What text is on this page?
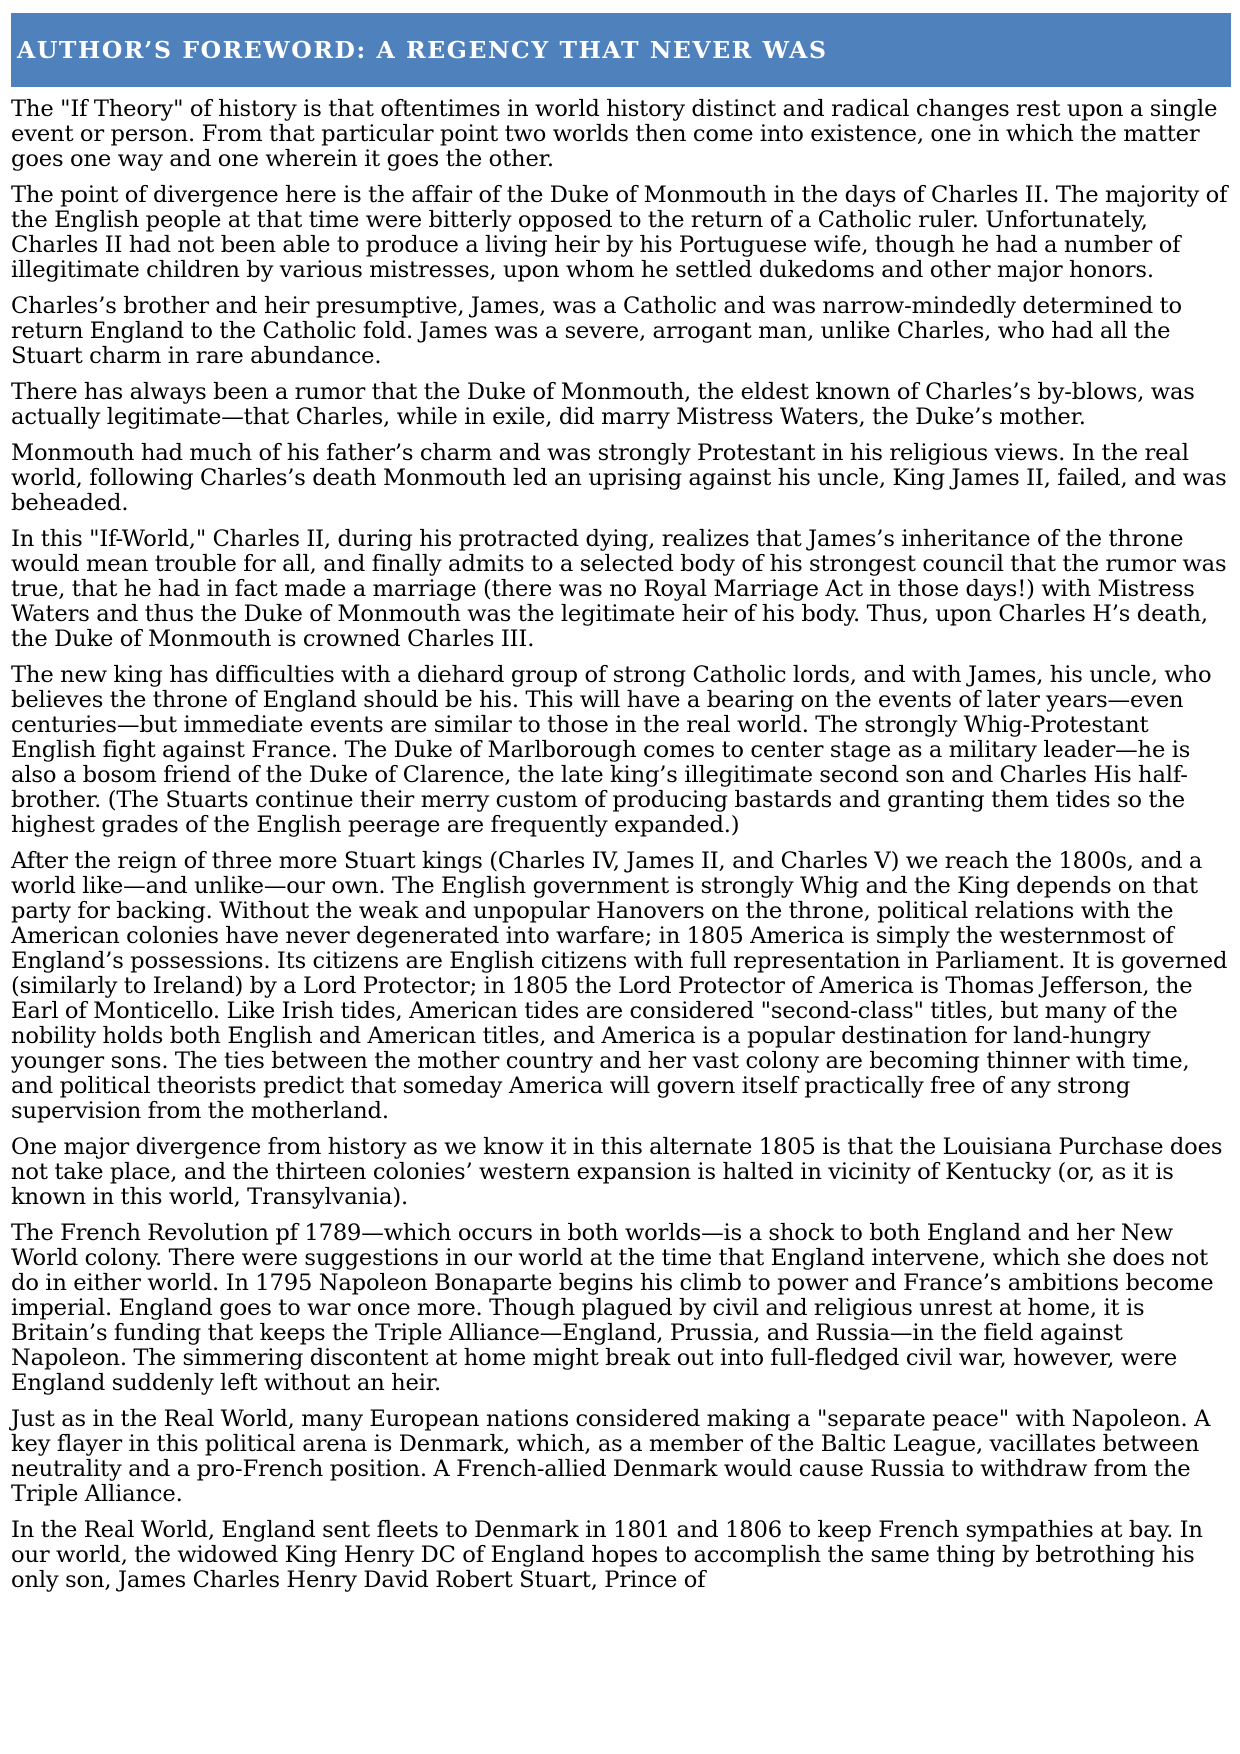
AUTHOR’S FOREWORD: A REGENCY THAT NEVER WAS

The "If Theory" of history is that oftentimes in world history distinct and radical changes rest upon a single event or person. From that particular point two worlds then come into existence, one in which the matter goes one way and one wherein it goes the other.

The point of divergence here is the affair of the Duke of Monmouth in the days of Charles II. The majority of the English people at that time were bitterly opposed to the return of a Catholic ruler. Unfortunately, Charles II had not been able to produce a living heir by his Portuguese wife, though he had a number of illegitimate children by various mistresses, upon whom he settled dukedoms and other major honors.

Charles’s brother and heir presumptive, James, was a Catholic and was narrow-mindedly determined to return England to the Catholic fold. James was a severe, arrogant man, unlike Charles, who had all the Stuart charm in rare abundance.

There has always been a rumor that the Duke of Monmouth, the eldest known of Charles’s by-blows, was actually legitimate—that Charles, while in exile, did marry Mistress Waters, the Duke’s mother.

Monmouth had much of his father’s charm and was strongly Protestant in his religious views. In the real world, following Charles’s death Monmouth led an uprising against his uncle, King James II, failed, and was beheaded.

In this "If-World," Charles II, during his protracted dying, realizes that James’s inheritance of the throne would mean trouble for all, and finally admits to a selected body of his strongest council that the rumor was true, that he had in fact made a marriage (there was no Royal Marriage Act in those days!) with Mistress Waters and thus the Duke of Monmouth was the legitimate heir of his body. Thus, upon Charles H’s death, the Duke of Monmouth is crowned Charles III.

The new king has difficulties with a diehard group of strong Catholic lords, and with James, his uncle, who believes the throne of England should be his. This will have a bearing on the events of later years—even centuries—but immediate events are similar to those in the real world. The strongly Whig-Protestant English fight against France. The Duke of Marlborough comes to center stage as a military leader—he is also a bosom friend of the Duke of Clarence, the late king’s illegitimate second son and Charles His half-brother. (The Stuarts continue their merry custom of producing bastards and granting them tides so the highest grades of the English peerage are frequently expanded.)

After the reign of three more Stuart kings (Charles IV, James II, and Charles V) we reach the 1800s, and a world like—and unlike—our own. The English government is strongly Whig and the King depends on that party for backing. Without the weak and unpopular Hanovers on the throne, political relations with the American colonies have never degenerated into warfare; in 1805 America is simply the westernmost of England’s possessions. Its citizens are English citizens with full representation in Parliament. It is governed (similarly to Ireland) by a Lord Protector; in 1805 the Lord Protector of America is Thomas Jefferson, the Earl of Monticello. Like Irish tides, American tides are considered "second-class" titles, but many of the nobility holds both English and American titles, and America is a popular destination for land-hungry younger sons. The ties between the mother country and her vast colony are becoming thinner with time, and political theorists predict that someday America will govern itself practically free of any strong supervision from the motherland.

One major divergence from history as we know it in this alternate 1805 is that the Louisiana Purchase does not take place, and the thirteen colonies’ western expansion is halted in vicinity of Kentucky (or, as it is known in this world, Transylvania).

The French Revolution pf 1789—which occurs in both worlds—is a shock to both England and her New World colony. There were suggestions in our world at the time that England intervene, which she does not do in either world. In 1795 Napoleon Bonaparte begins his climb to power and France’s ambitions become imperial. England goes to war once more. Though plagued by civil and religious unrest at home, it is Britain’s funding that keeps the Triple Alliance—England, Prussia, and Russia—in the field against Napoleon. The simmering discontent at home might break out into full-fledged civil war, however, were England suddenly left without an heir.

Just as in the Real World, many European nations considered making a "separate peace" with Napoleon. A key flayer in this political arena is Denmark, which, as a member of the Baltic League, vacillates between neutrality and a pro-French position. A French-allied Denmark would cause Russia to withdraw from the Triple Alliance.

In the Real World, England sent fleets to Denmark in 1801 and 1806 to keep French sympathies at bay. In our world, the widowed King Henry DC of England hopes to accomplish the same thing by betrothing his only son, James Charles Henry David Robert Stuart, Prince of
